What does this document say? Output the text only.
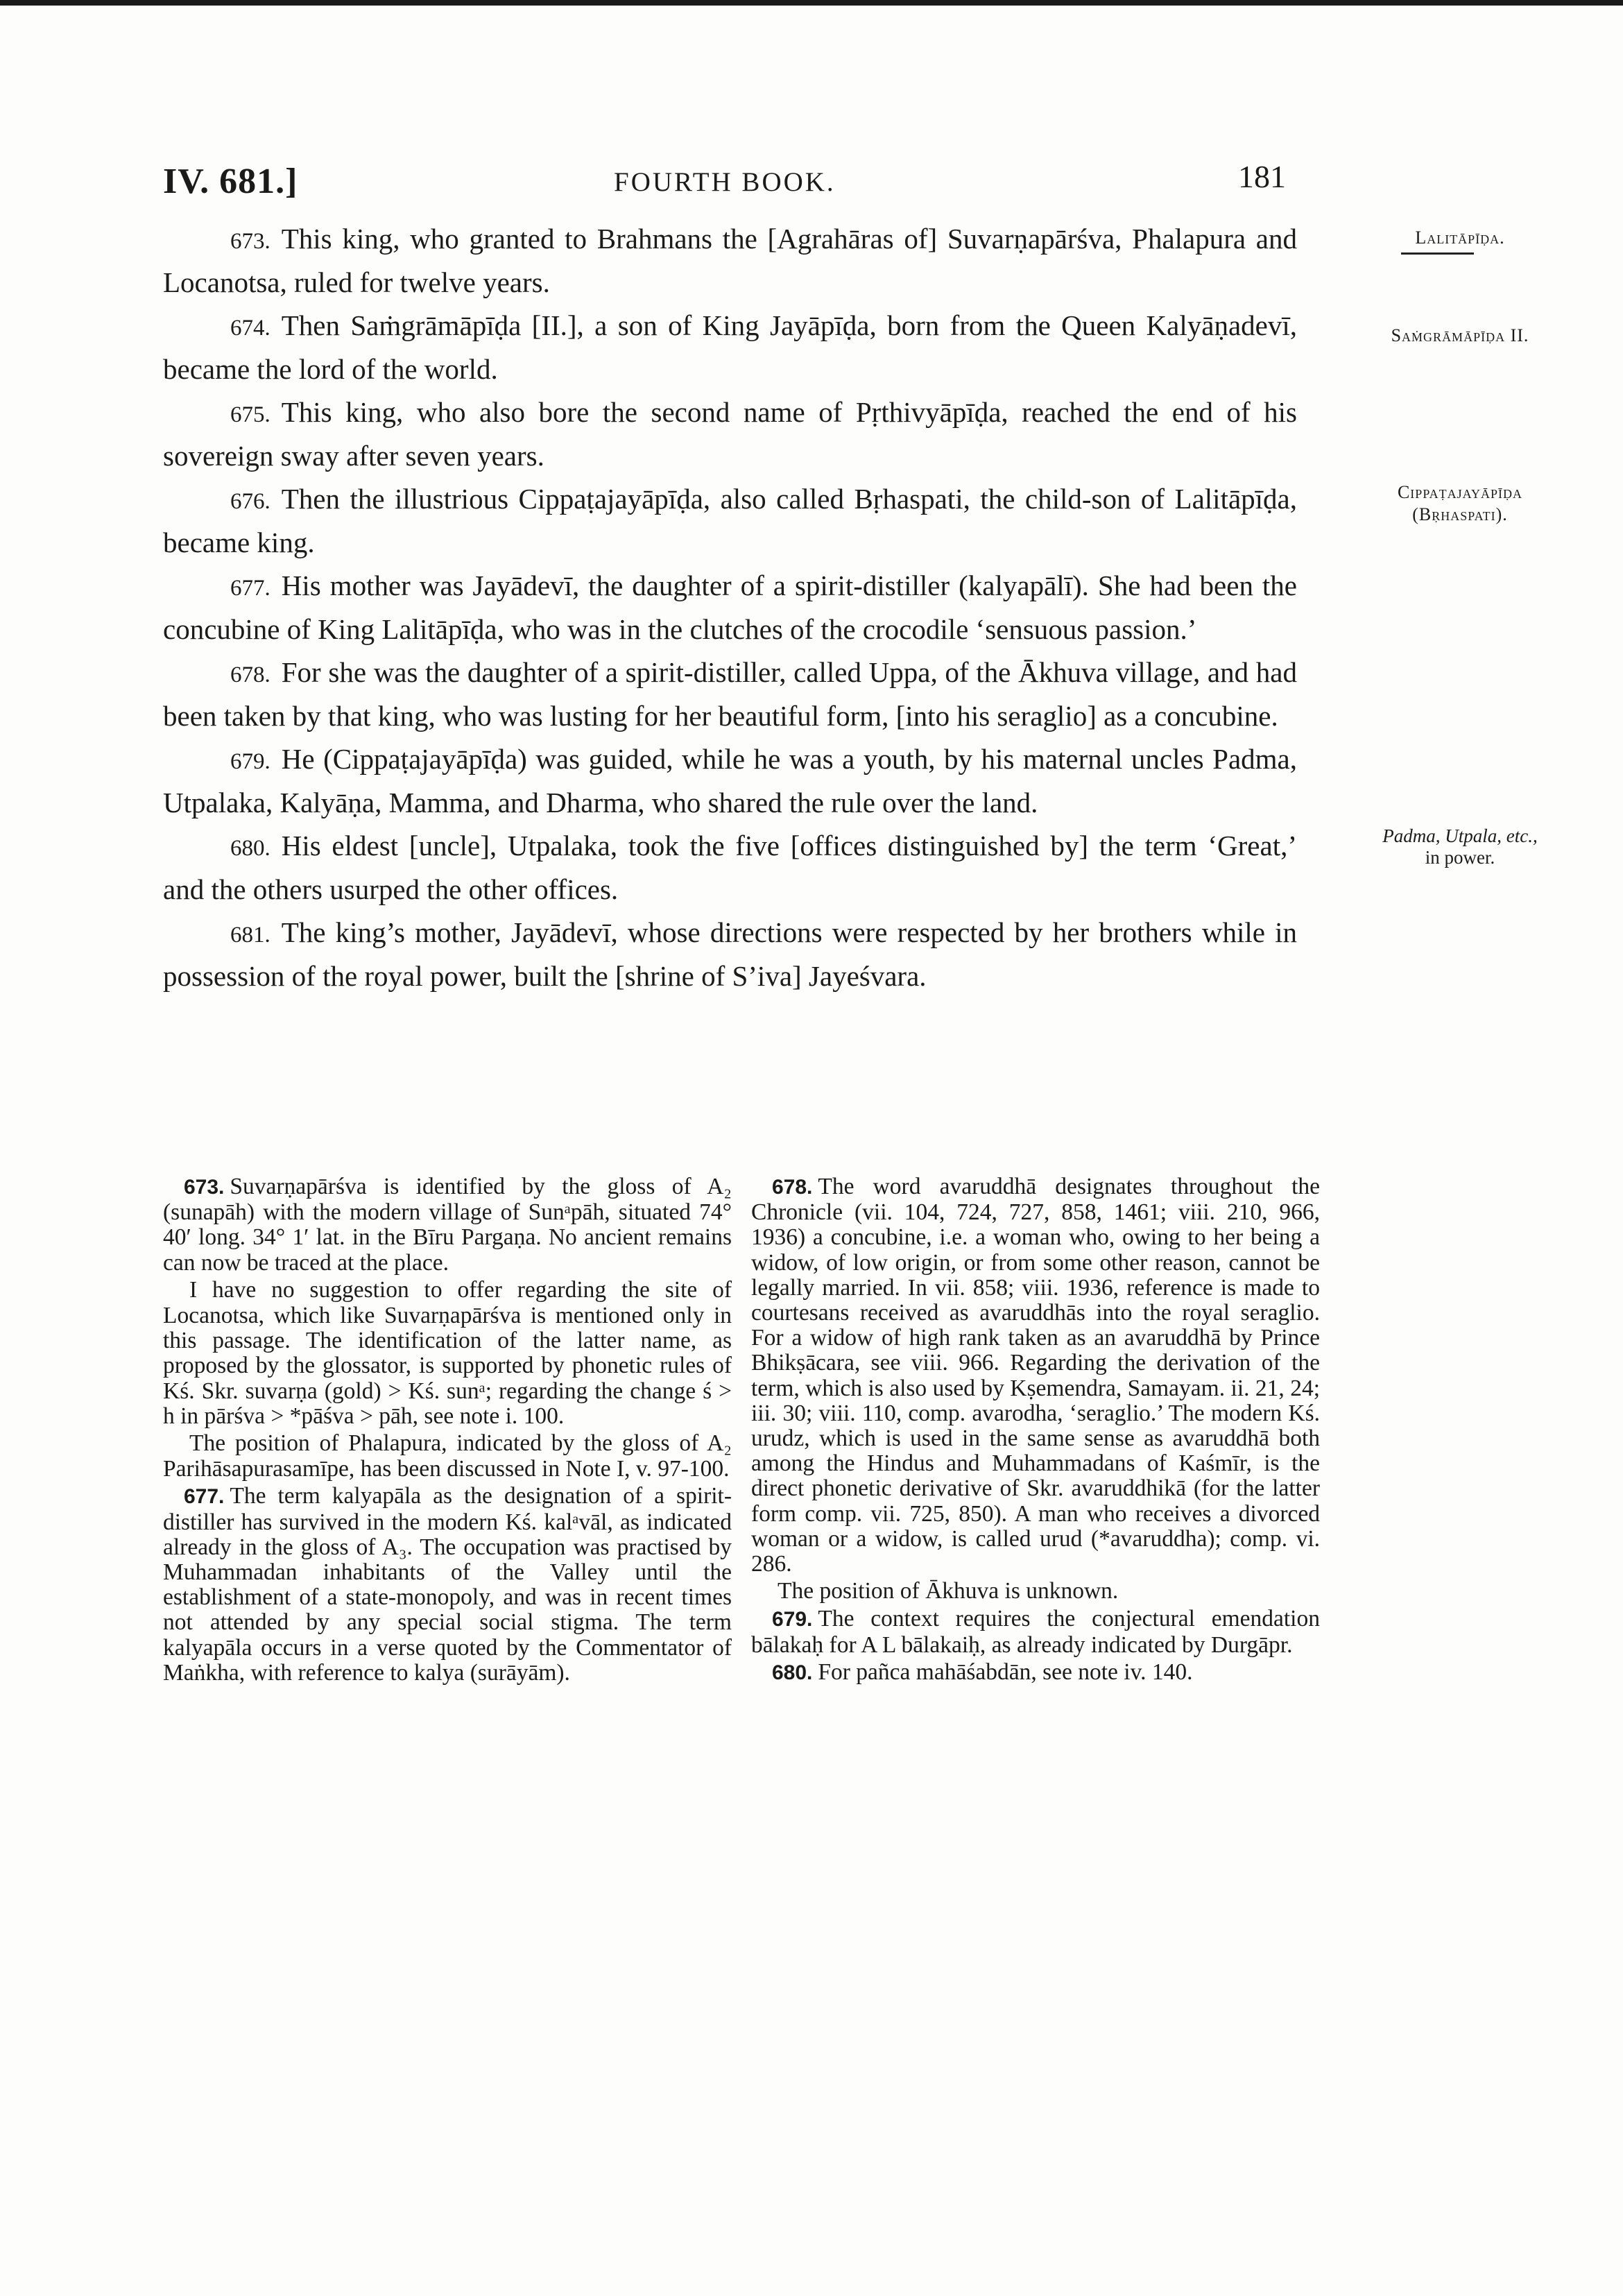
IV. 681.]	FOURTH BOOK.	181

673. This king, who granted to Brahmans the [Agrahāras of] Suvarṇapārśva, Phalapura and Locanotsa, ruled for twelve years.

674. Then Saṁgrāmāpīḍa [II.], a son of King Jayāpīḍa, born from the Queen Kalyāṇadevī, became the lord of the world.

675. This king, who also bore the second name of Pṛthivyāpīḍa, reached the end of his sovereign sway after seven years.

676. Then the illustrious Cippaṭajayāpīḍa, also called Bṛhaspati, the child-son of Lalitāpīḍa, became king.

677. His mother was Jayādevī, the daughter of a spirit-distiller (kalyapālī). She had been the concubine of King Lalitāpīḍa, who was in the clutches of the crocodile ‘sensuous passion.’

678. For she was the daughter of a spirit-distiller, called Uppa, of the Ākhuva village, and had been taken by that king, who was lusting for her beautiful form, [into his seraglio] as a concubine.

679. He (Cippaṭajayāpīḍa) was guided, while he was a youth, by his maternal uncles Padma, Utpalaka, Kalyāṇa, Mamma, and Dharma, who shared the rule over the land.

680. His eldest [uncle], Utpalaka, took the five [offices distinguished by] the term ‘Great,’ and the others usurped the other offices.

681. The king’s mother, Jayādevī, whose directions were respected by her brothers while in possession of the royal power, built the [shrine of S’iva] Jayeśvara.

Lalitāpīḍa.
Saṁgrāmāpīḍa II.
Cippaṭajayāpīḍa
(Bṛhaspati).
Padma, Utpala, etc.,
in power.

673. Suvarṇapārśva is identified by the gloss of A₂ (sunapāh) with the modern village of Sunᵃpāh, situated 74° 40′ long. 34° 1′ lat. in the Bīru Pargaṇa. No ancient remains can now be traced at the place.

I have no suggestion to offer regarding the site of Locanotsa, which like Suvarṇapārśva is mentioned only in this passage. The identification of the latter name, as proposed by the glossator, is supported by phonetic rules of Kś. Skr. suvarṇa (gold) > Kś. sunᵃ; regarding the change ś > h in pārśva > *pāśva > pāh, see note i. 100.

The position of Phalapura, indicated by the gloss of A₂ Parihāsapurasamīpe, has been discussed in Note I, v. 97-100.

677. The term kalyapāla as the designation of a spirit-distiller has survived in the modern Kś. kalᵃvāl, as indicated already in the gloss of A₃. The occupation was practised by Muhammadan inhabitants of the Valley until the establishment of a state-monopoly, and was in recent times not attended by any special social stigma. The term kalyapāla occurs in a verse quoted by the Commentator of Maṅkha, with reference to kalya (surāyām).

678. The word avaruddhā designates throughout the Chronicle (vii. 104, 724, 727, 858, 1461; viii. 210, 966, 1936) a concubine, i.e. a woman who, owing to her being a widow, of low origin, or from some other reason, cannot be legally married. In vii. 858; viii. 1936, reference is made to courtesans received as avaruddhās into the royal seraglio. For a widow of high rank taken as an avaruddhā by Prince Bhikṣācara, see viii. 966. Regarding the derivation of the term, which is also used by Kṣemendra, Samayam. ii. 21, 24; iii. 30; viii. 110, comp. avarodha, ‘seraglio.’ The modern Kś. urudz, which is used in the same sense as avaruddhā both among the Hindus and Muhammadans of Kaśmīr, is the direct phonetic derivative of Skr. avaruddhikā (for the latter form comp. vii. 725, 850). A man who receives a divorced woman or a widow, is called urud (*avaruddha); comp. vi. 286.

The position of Ākhuva is unknown.

679. The context requires the conjectural emendation bālakaḥ for A L bālakaiḥ, as already indicated by Durgāpr.

680. For pañca mahāśabdān, see note iv. 140.
